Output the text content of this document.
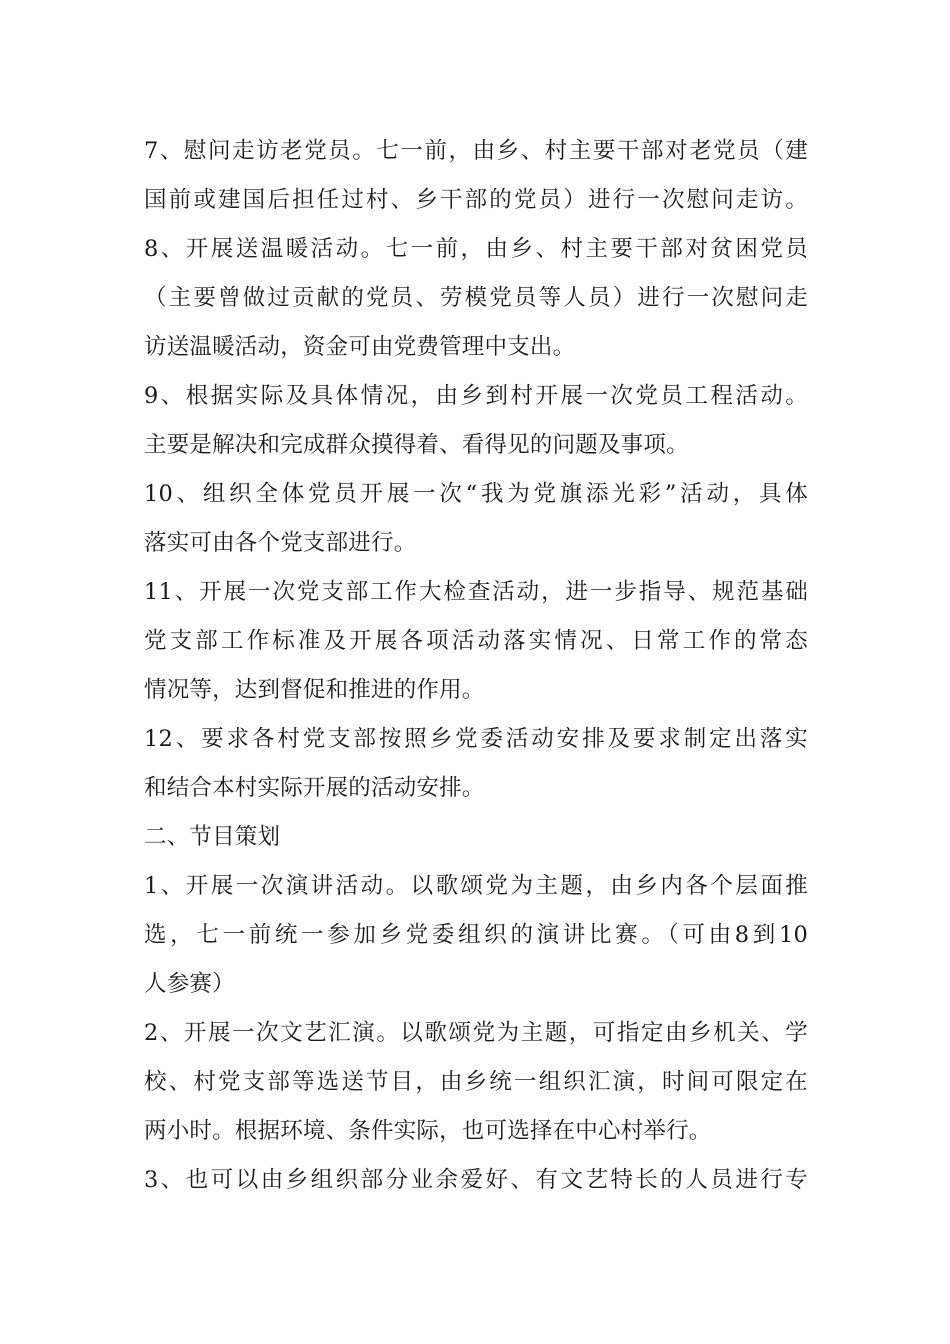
7、慰问走访老党员。七一前，由乡、村主要干部对老党员（建
国前或建国后担任过村、乡干部的党员）进行一次慰问走访。
8、开展送温暖活动。七一前，由乡、村主要干部对贫困党员
（主要曾做过贡献的党员、劳模党员等人员）进行一次慰问走
访送温暖活动，资金可由党费管理中支出。
9、根据实际及具体情况，由乡到村开展一次党员工程活动。
主要是解决和完成群众摸得着、看得见的问题及事项。
10、组织全体党员开展一次“我为党旗添光彩”活动，具体
落实可由各个党支部进行。
11、开展一次党支部工作大检查活动，进一步指导、规范基础
党支部工作标准及开展各项活动落实情况、日常工作的常态
情况等，达到督促和推进的作用。
12、要求各村党支部按照乡党委活动安排及要求制定出落实
和结合本村实际开展的活动安排。
二、节目策划
1、开展一次演讲活动。以歌颂党为主题，由乡内各个层面推
选，七一前统一参加乡党委组织的演讲比赛。（可由8到10
人参赛）
2、开展一次文艺汇演。以歌颂党为主题，可指定由乡机关、学
校、村党支部等选送节目，由乡统一组织汇演，时间可限定在
两小时。根据环境、条件实际，也可选择在中心村举行。
3、也可以由乡组织部分业余爱好、有文艺特长的人员进行专
